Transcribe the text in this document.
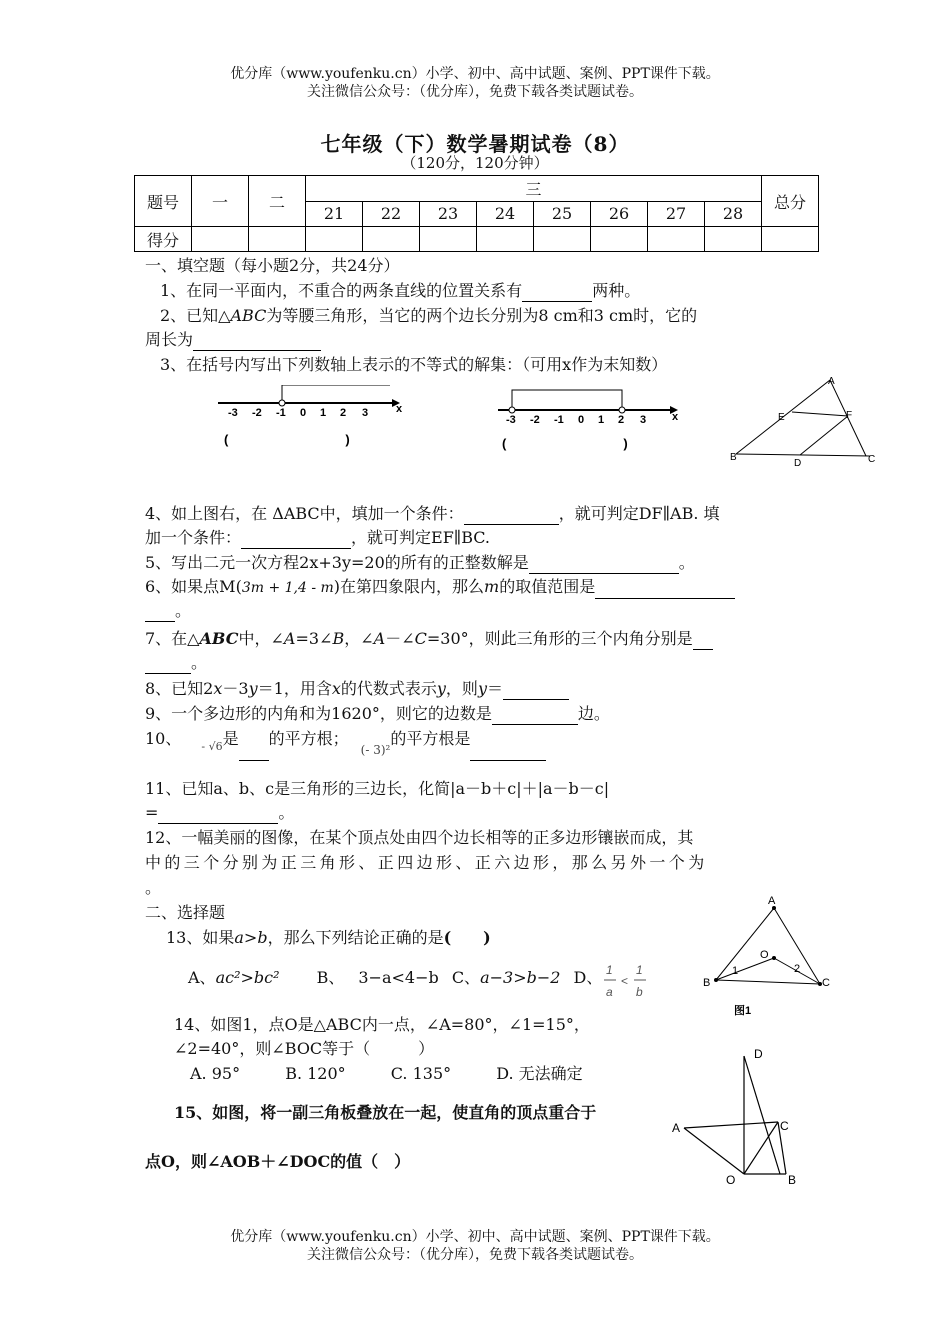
优分库（www.youfenku.cn）小学、初中、高中试题、案例、PPT课件下载。
关注微信公众号：（优分库），免费下载各类试题试卷。
七年级（下）数学暑期试卷（8）
（120分，120分钟）
题号	一	二	三								总分
			21	22	23	24	25	26	27	28	
得分											
一、填空题（每小题2分，共24分）
1、在同一平面内，不重合的两条直线的位置关系有	两种。
2、已知△ABC为等腰三角形，当它的两个边长分别为8 cm和3 cm时，它的
周长为
3、在括号内写出下列数轴上表示的不等式的解集：（可用x作为末知数）
-3 -2 -1 0 1 2 3	x
(　　　　　　　　　)
-3 -2 -1 0 1 2 3 x
(　　　　　　　　　)
A
E	F
B
D	C
4、如上图右，在 ΔABC中，填加一个条件：	，就可判定DF∥AB. 填
加一个条件：	，就可判定EF∥BC.
5、写出二元一次方程2x+3y=20的所有的正整数解是	。
6、如果点M(3m + 1,4 - m)在第四象限内，那么m的取值范围是
。
7、在△ABC中，∠A=3∠B，∠A－∠C=30°，则此三角形的三个内角分别是
。
8、已知2x－3y＝1，用含x的代数式表示y，则y＝
9、一个多边形的内角和为1620°，则它的边数是	边。
10、 $_{- √6}$是 的平方根；$_{(- 3)^2}$的平方根是
11、已知a、b、c是三角形的三边长，化简|a－b＋c|＋|a－b－c|
=	。
12、一幅美丽的图像，在某个顶点处由四个边长相等的正多边形镶嵌而成，其
中的三个分别为正三角形、正四边形、正六边形，那么另外一个为
。
二、选择题
13、如果a>b，那么下列结论正确的是(　　)
A、ac²>bc² B、 3−a<4−b C、a−3>b−2 D、 1
a
<
1
b
A
O
B	C
1	2
图1
14、如图1，点O是△ABC内一点，∠A=80°，∠1=15°，
∠2=40°，则∠BOC等于（　　　）
A. 95°	B. 120°	C. 135°	D. 无法确定
15、如图，将一副三角板叠放在一起，使直角的顶点重合于
点O，则∠AOB＋∠DOC的值（　）
D
A	C
O	B
优分库（www.youfenku.cn）小学、初中、高中试题、案例、PPT课件下载。
关注微信公众号：（优分库），免费下载各类试题试卷。
